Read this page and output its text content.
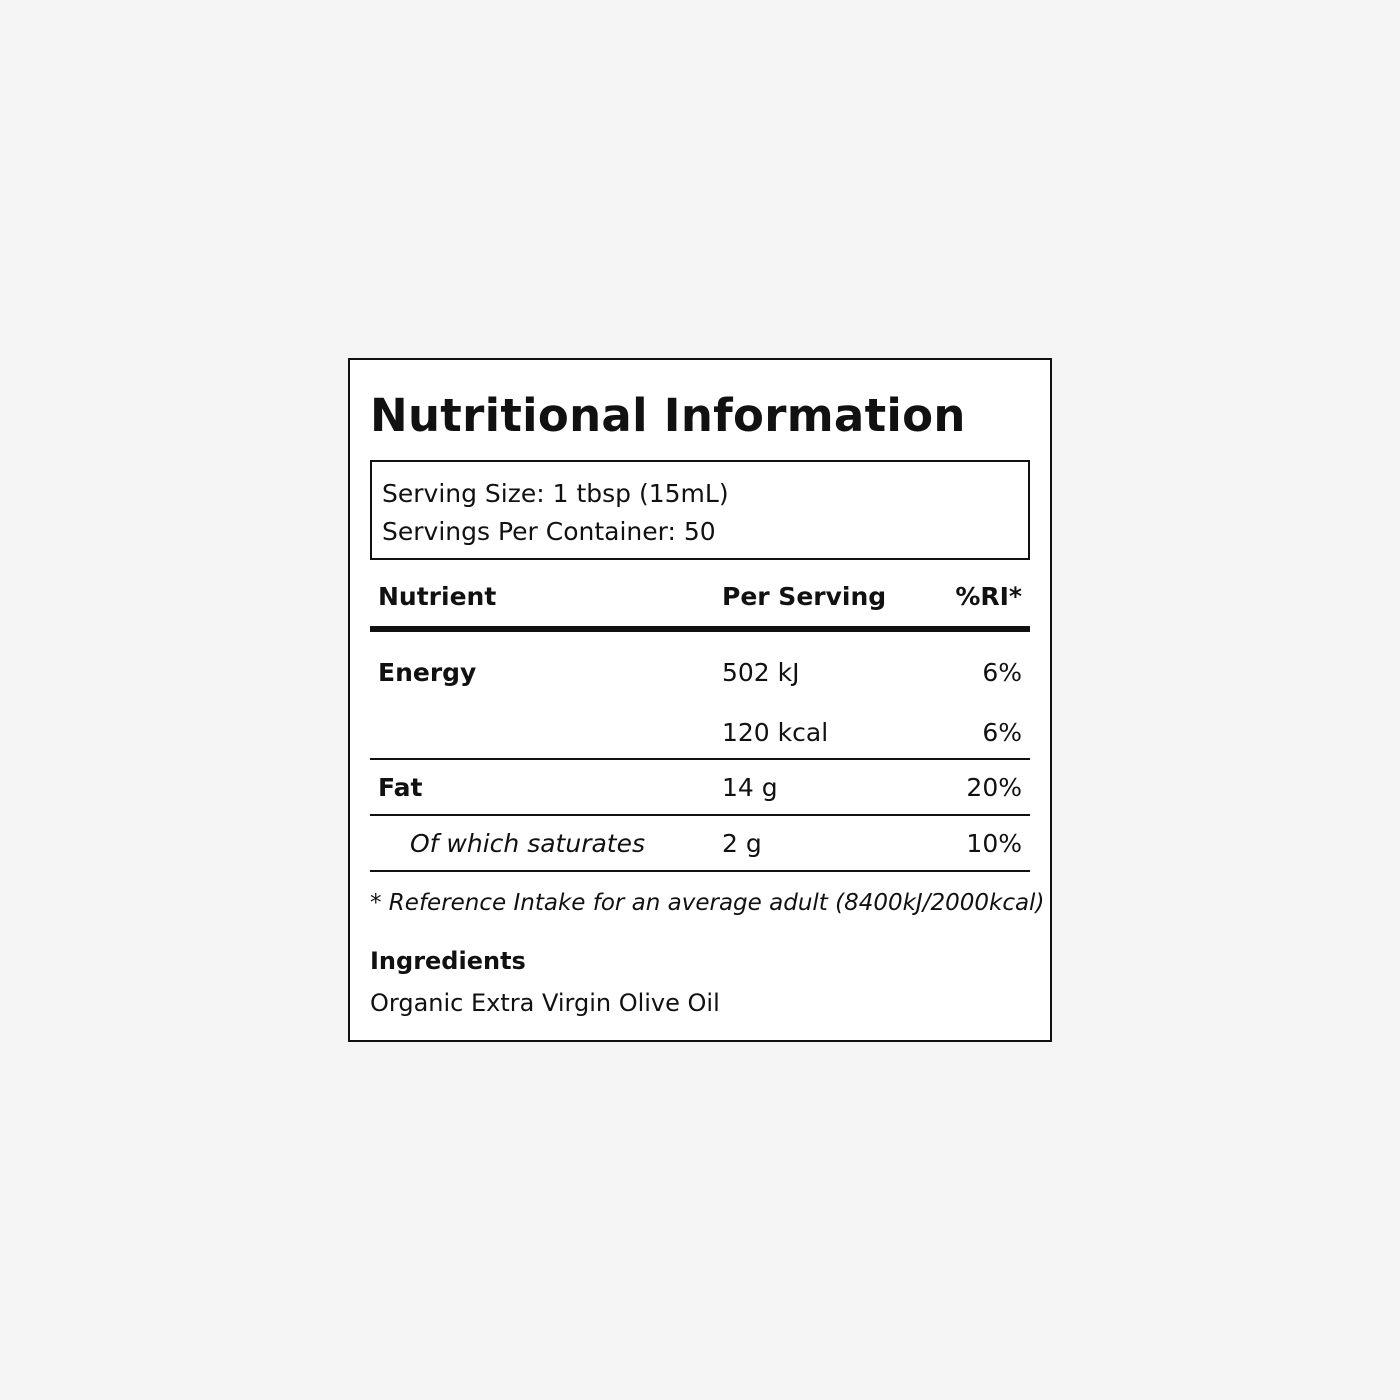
Nutritional Information
Serving Size: 1 tbsp (15mL)
Servings Per Container: 50
Nutrient	Per Serving	%RI*
Energy	502 kJ	6%
	120 kcal	6%
Fat	14 g	20%
Of which saturates	2 g	10%
* Reference Intake for an average adult (8400kJ/2000kcal)
Ingredients
Organic Extra Virgin Olive Oil
